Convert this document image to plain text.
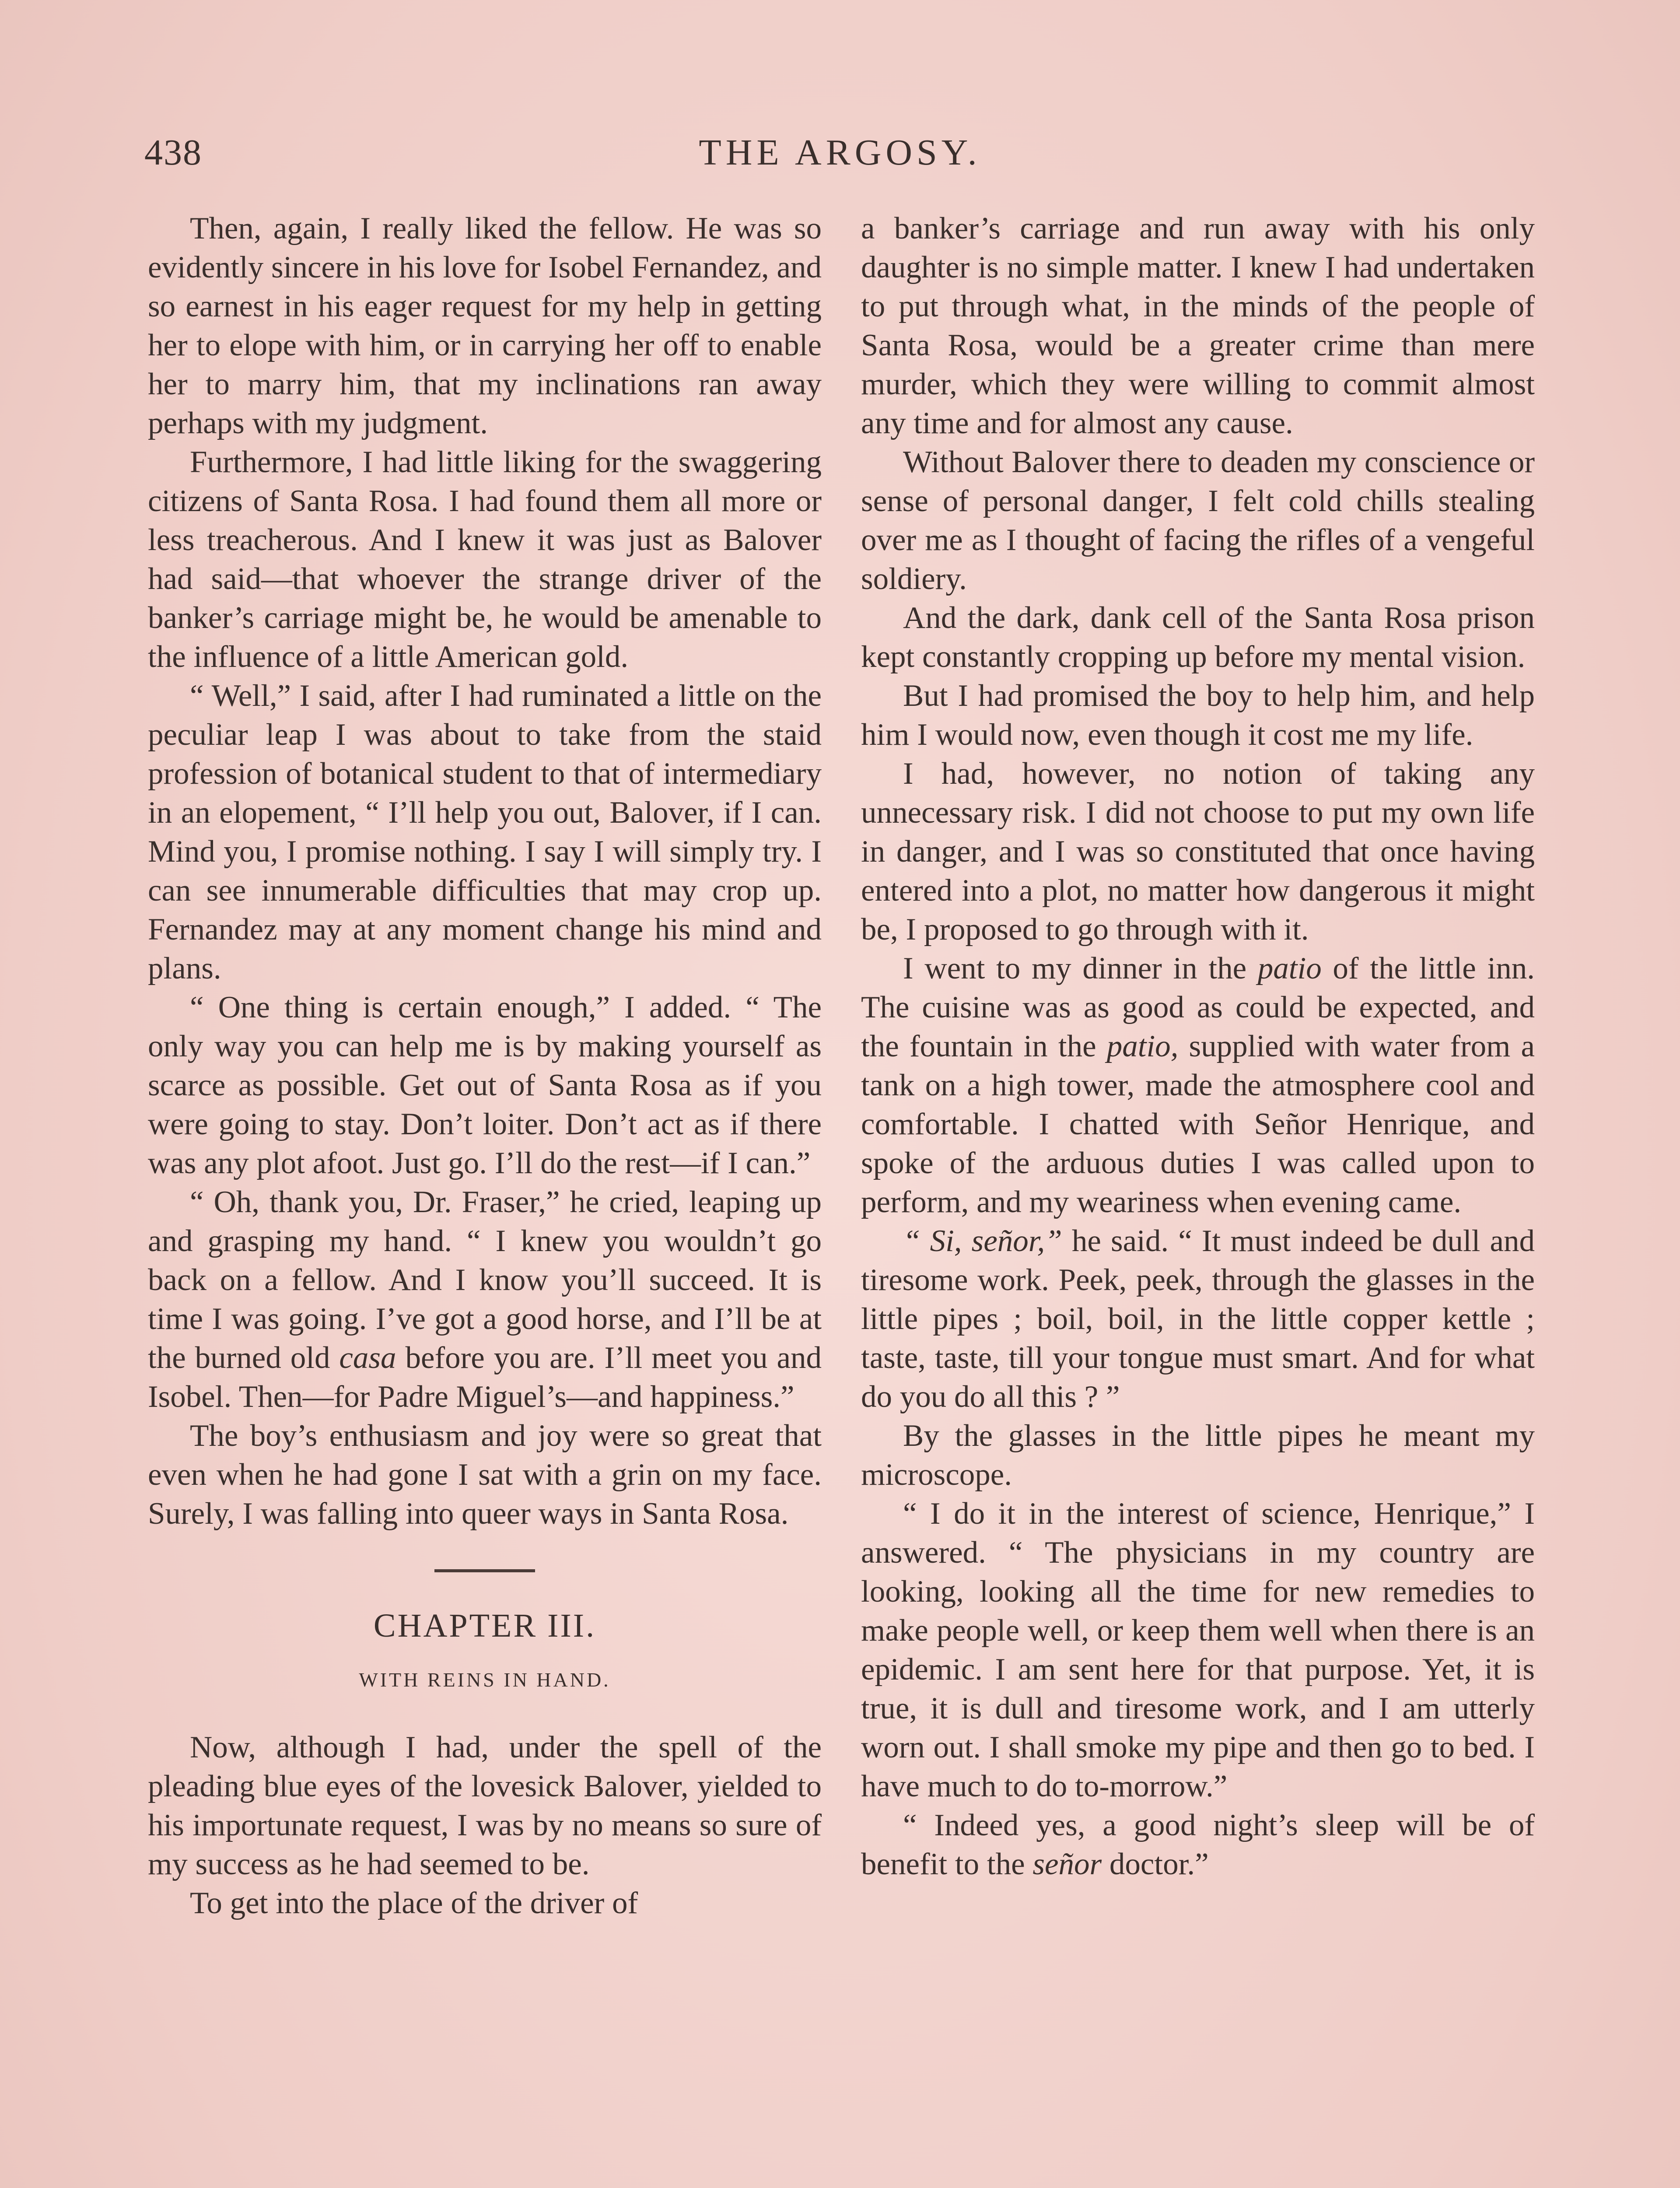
438	THE ARGOSY.

Then, again, I really liked the fellow. He was so evidently sincere in his love for Isobel Fernandez, and so earnest in his eager request for my help in getting her to elope with him, or in carrying her off to enable her to marry him, that my inclinations ran away perhaps with my judgment.

Furthermore, I had little liking for the swaggering citizens of Santa Rosa. I had found them all more or less treacherous. And I knew it was just as Balover had said—that whoever the strange driver of the banker’s carriage might be, he would be amenable to the influence of a little American gold.

“ Well,” I said, after I had ruminated a little on the peculiar leap I was about to take from the staid profession of botanical student to that of intermediary in an elopement, “ I’ll help you out, Balover, if I can. Mind you, I promise nothing. I say I will simply try. I can see innumerable difficulties that may crop up. Fernandez may at any moment change his mind and plans.

“ One thing is certain enough,” I added. “ The only way you can help me is by making yourself as scarce as possible. Get out of Santa Rosa as if you were going to stay. Don’t loiter. Don’t act as if there was any plot afoot. Just go. I’ll do the rest—if I can.”

“ Oh, thank you, Dr. Fraser,” he cried, leaping up and grasping my hand. “ I knew you wouldn’t go back on a fellow. And I know you’ll succeed. It is time I was going. I’ve got a good horse, and I’ll be at the burned old casa before you are. I’ll meet you and Isobel. Then—for Padre Miguel’s—and happiness.”

The boy’s enthusiasm and joy were so great that even when he had gone I sat with a grin on my face. Surely, I was falling into queer ways in Santa Rosa.

CHAPTER III.
WITH REINS IN HAND.

Now, although I had, under the spell of the pleading blue eyes of the lovesick Balover, yielded to his importunate request, I was by no means so sure of my success as he had seemed to be.

To get into the place of the driver of

a banker’s carriage and run away with his only daughter is no simple matter. I knew I had undertaken to put through what, in the minds of the people of Santa Rosa, would be a greater crime than mere murder, which they were willing to commit almost any time and for almost any cause.

Without Balover there to deaden my conscience or sense of personal danger, I felt cold chills stealing over me as I thought of facing the rifles of a vengeful soldiery.

And the dark, dank cell of the Santa Rosa prison kept constantly cropping up before my mental vision.

But I had promised the boy to help him, and help him I would now, even though it cost me my life.

I had, however, no notion of taking any unnecessary risk. I did not choose to put my own life in danger, and I was so constituted that once having entered into a plot, no matter how dangerous it might be, I proposed to go through with it.

I went to my dinner in the patio of the little inn. The cuisine was as good as could be expected, and the fountain in the patio, supplied with water from a tank on a high tower, made the atmosphere cool and comfortable. I chatted with Señor Henrique, and spoke of the arduous duties I was called upon to perform, and my weariness when evening came.

“ Si, señor,” he said. “ It must indeed be dull and tiresome work. Peek, peek, through the glasses in the little pipes ; boil, boil, in the little copper kettle ; taste, taste, till your tongue must smart. And for what do you do all this ? ”

By the glasses in the little pipes he meant my microscope.

“ I do it in the interest of science, Henrique,” I answered. “ The physicians in my country are looking, looking all the time for new remedies to make people well, or keep them well when there is an epidemic. I am sent here for that purpose. Yet, it is true, it is dull and tiresome work, and I am utterly worn out. I shall smoke my pipe and then go to bed. I have much to do to-morrow.”

“ Indeed yes, a good night’s sleep will be of benefit to the señor doctor.”
